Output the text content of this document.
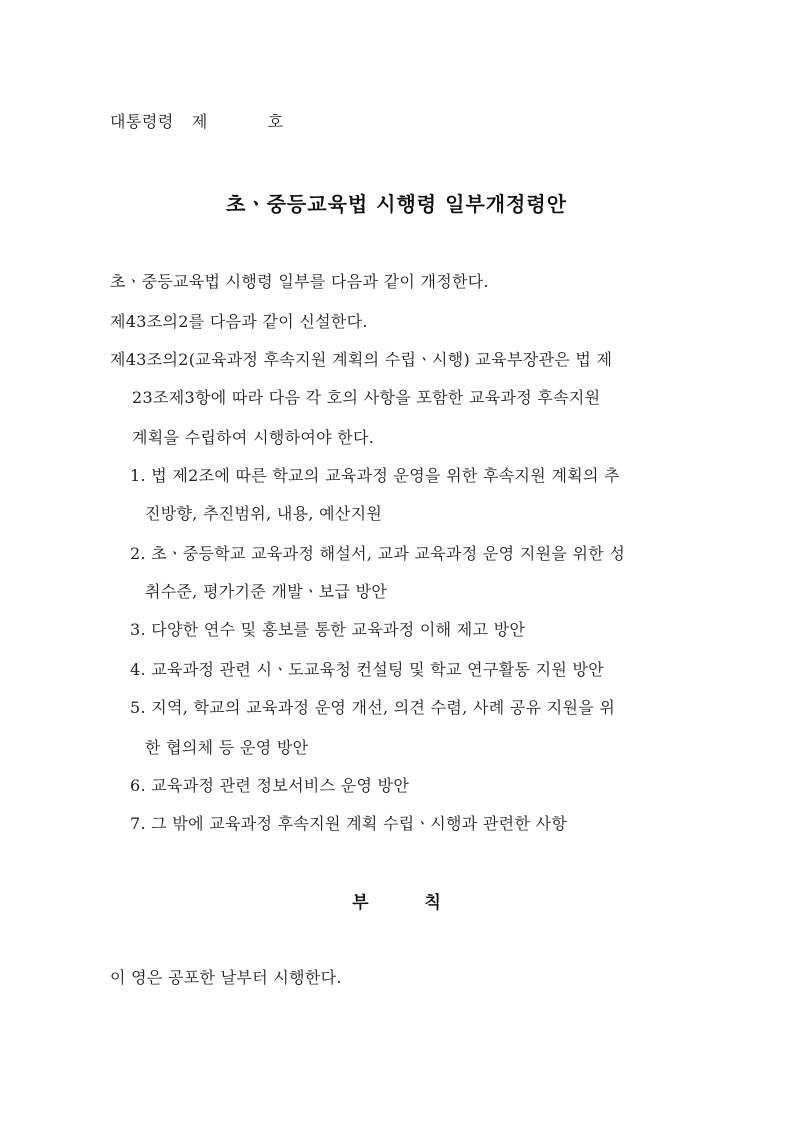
대통령령 제	호
초ㆍ중등교육법 시행령 일부개정령안
초ㆍ중등교육법 시행령 일부를 다음과 같이 개정한다.
제43조의2를 다음과 같이 신설한다.
제43조의2(교육과정 후속지원 계획의 수립ㆍ시행) 교육부장관은 법 제
23조제3항에 따라 다음 각 호의 사항을 포함한 교육과정 후속지원
계획을 수립하여 시행하여야 한다.
1. 법 제2조에 따른 학교의 교육과정 운영을 위한 후속지원 계획의 추
진방향, 추진범위, 내용, 예산지원
2. 초ㆍ중등학교 교육과정 해설서, 교과 교육과정 운영 지원을 위한 성
취수준, 평가기준 개발ㆍ보급 방안
3. 다양한 연수 및 홍보를 통한 교육과정 이해 제고 방안
4. 교육과정 관련 시ㆍ도교육청 컨설팅 및 학교 연구활동 지원 방안
5. 지역, 학교의 교육과정 운영 개선, 의견 수렴, 사례 공유 지원을 위
한 협의체 등 운영 방안
6. 교육과정 관련 정보서비스 운영 방안
7. 그 밖에 교육과정 후속지원 계획 수립ㆍ시행과 관련한 사항
부	칙
이 영은 공포한 날부터 시행한다.
